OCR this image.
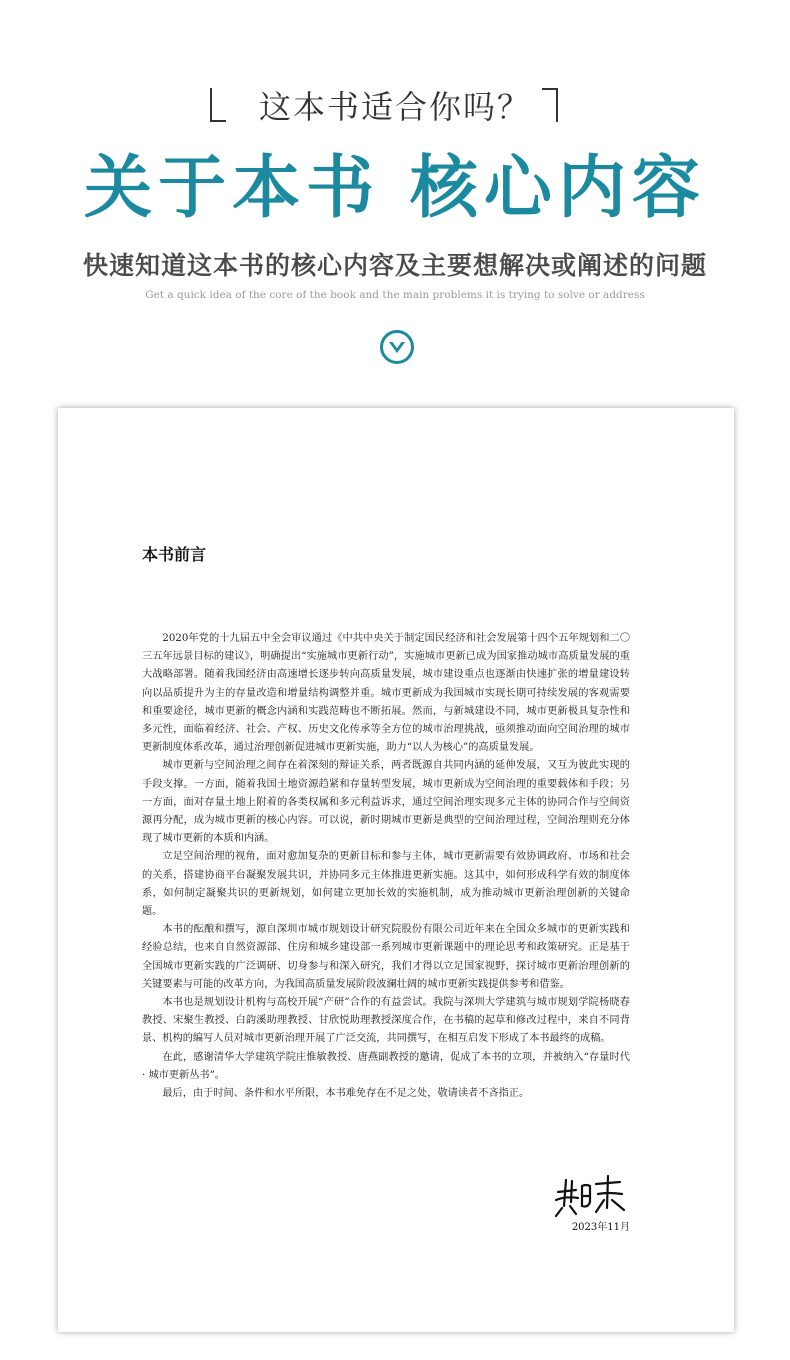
这本书适合你吗？
关于本书 核心内容
快速知道这本书的核心内容及主要想解决或阐述的问题
Get a quick idea of the core of the book and the main problems it is trying to solve or address
本书前言

2020年党的十九届五中全会审议通过《中共中央关于制定国民经济和社会发展第十四个五年规划和二〇三五年远景目标的建议》，明确提出“实施城市更新行动”，实施城市更新已成为国家推动城市高质量发展的重大战略部署。随着我国经济由高速增长逐步转向高质量发展，城市建设重点也逐渐由快速扩张的增量建设转向以品质提升为主的存量改造和增量结构调整并重。城市更新成为我国城市实现长期可持续发展的客观需要和重要途径，城市更新的概念内涵和实践范畴也不断拓展。然而，与新城建设不同，城市更新极具复杂性和多元性，面临着经济、社会、产权、历史文化传承等全方位的城市治理挑战，亟须推动面向空间治理的城市更新制度体系改革，通过治理创新促进城市更新实施，助力“以人为核心”的高质量发展。

城市更新与空间治理之间存在着深刻的辩证关系，两者既源自共同内涵的延伸发展，又互为彼此实现的手段支撑。一方面，随着我国土地资源趋紧和存量转型发展，城市更新成为空间治理的重要载体和手段；另一方面，面对存量土地上附着的各类权属和多元利益诉求，通过空间治理实现多元主体的协同合作与空间资源再分配，成为城市更新的核心内容。可以说，新时期城市更新是典型的空间治理过程，空间治理则充分体现了城市更新的本质和内涵。

立足空间治理的视角，面对愈加复杂的更新目标和参与主体，城市更新需要有效协调政府、市场和社会的关系，搭建协商平台凝聚发展共识，并协同多元主体推进更新实施。这其中，如何形成科学有效的制度体系，如何制定凝聚共识的更新规划，如何建立更加长效的实施机制，成为推动城市更新治理创新的关键命题。

本书的酝酿和撰写，源自深圳市城市规划设计研究院股份有限公司近年来在全国众多城市的更新实践和经验总结，也来自自然资源部、住房和城乡建设部一系列城市更新课题中的理论思考和政策研究。正是基于全国城市更新实践的广泛调研、切身参与和深入研究，我们才得以立足国家视野，探讨城市更新治理创新的关键要素与可能的改革方向，为我国高质量发展阶段波澜壮阔的城市更新实践提供参考和借鉴。

本书也是规划设计机构与高校开展“产研”合作的有益尝试。我院与深圳大学建筑与城市规划学院杨晓春教授、宋聚生教授、白韵溪助理教授、甘欣悦助理教授深度合作，在书稿的起草和修改过程中，来自不同背景、机构的编写人员对城市更新治理开展了广泛交流，共同撰写，在相互启发下形成了本书最终的成稿。

在此，感谢清华大学建筑学院庄惟敏教授、唐燕副教授的邀请，促成了本书的立项，并被纳入“存量时代 · 城市更新丛书”。

最后，由于时间、条件和水平所限，本书难免存在不足之处，敬请读者不吝指正。

2023年11月
